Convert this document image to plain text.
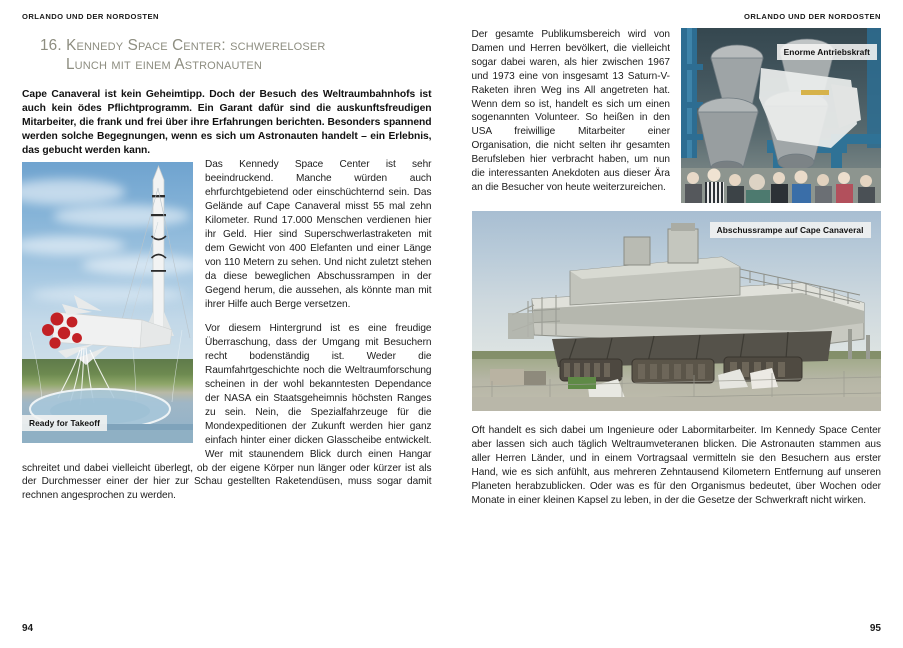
ORLANDO UND DER NORDOSTEN
16. Kennedy Space Center: schwereloser
Lunch mit einem Astronauten

Cape Canaveral ist kein Geheimtipp. Doch der Besuch des Weltraumbahnhofs ist auch kein ödes Pflichtprogramm. Ein Garant dafür sind die auskunftsfreudigen Mitarbeiter, die frank und frei über ihre Erfahrungen berichten. Besonders spannend werden solche Begegnungen, wenn es sich um Astronauten handelt – ein Erlebnis, das gebucht werden kann.

Ready for Takeoff

Das Kennedy Space Center ist sehr beeindruckend. Manche würden auch ehrfurchtgebietend oder einschüchternd sein. Das Gelände auf Cape Canaveral misst 55 mal zehn Kilometer. Rund 17.000 Menschen verdienen hier ihr Geld. Hier sind Superschwerlastraketen mit dem Gewicht von 400 Elefanten und einer Länge von 110 Metern zu sehen. Und nicht zuletzt stehen da diese beweglichen Abschussrampen in der Gegend herum, die aussehen, als könnte man mit ihrer Hilfe auch Berge versetzen.

Vor diesem Hintergrund ist es eine freudige Überraschung, dass der Umgang mit Besuchern recht bodenständig ist. Weder die Raumfahrtgeschichte noch die Weltraumforschung scheinen in der wohl bekanntesten Dependance der NASA ein Staatsgeheimnis höchsten Ranges zu sein. Nein, die Spezialfahrzeuge für die Mondexpeditionen der Zukunft werden hier ganz einfach hinter einer dicken Glasscheibe entwickelt. Wer mit staunendem Blick durch einen Hangar schreitet und dabei vielleicht überlegt, ob der eigene Körper nun länger oder kürzer ist als der Durchmesser einer der hier zur Schau gestellten Raketendüsen, muss sogar damit rechnen angesprochen zu werden.

94
ORLANDO UND DER NORDOSTEN
Enorme Antriebskraft

Der gesamte Publikumsbereich wird von Damen und Herren bevölkert, die vielleicht sogar dabei waren, als hier zwischen 1967 und 1973 eine von insgesamt 13 Saturn-V-Raketen ihren Weg ins All angetreten hat. Wenn dem so ist, handelt es sich um einen sogenannten Volunteer. So heißen in den USA freiwillige Mitarbeiter einer Organisation, die nicht selten ihr gesamten Berufsleben hier verbracht haben, um nun die interessanten Anekdoten aus dieser Ära an die Besucher von heute weiterzureichen.

Abschussrampe auf Cape Canaveral

Oft handelt es sich dabei um Ingenieure oder Labormitarbeiter. Im Kennedy Space Center aber lassen sich auch täglich Weltraumveteranen blicken. Die Astronauten stammen aus aller Herren Länder, und in einem Vortragsaal vermitteln sie den Besuchern aus erster Hand, wie es sich anfühlt, aus mehreren Zehntausend Kilometern Entfernung auf unseren Planeten herabzublicken. Oder was es für den Organismus bedeutet, über Wochen oder Monate in einer kleinen Kapsel zu leben, in der die Gesetze der Schwerkraft nicht wirken.

95
